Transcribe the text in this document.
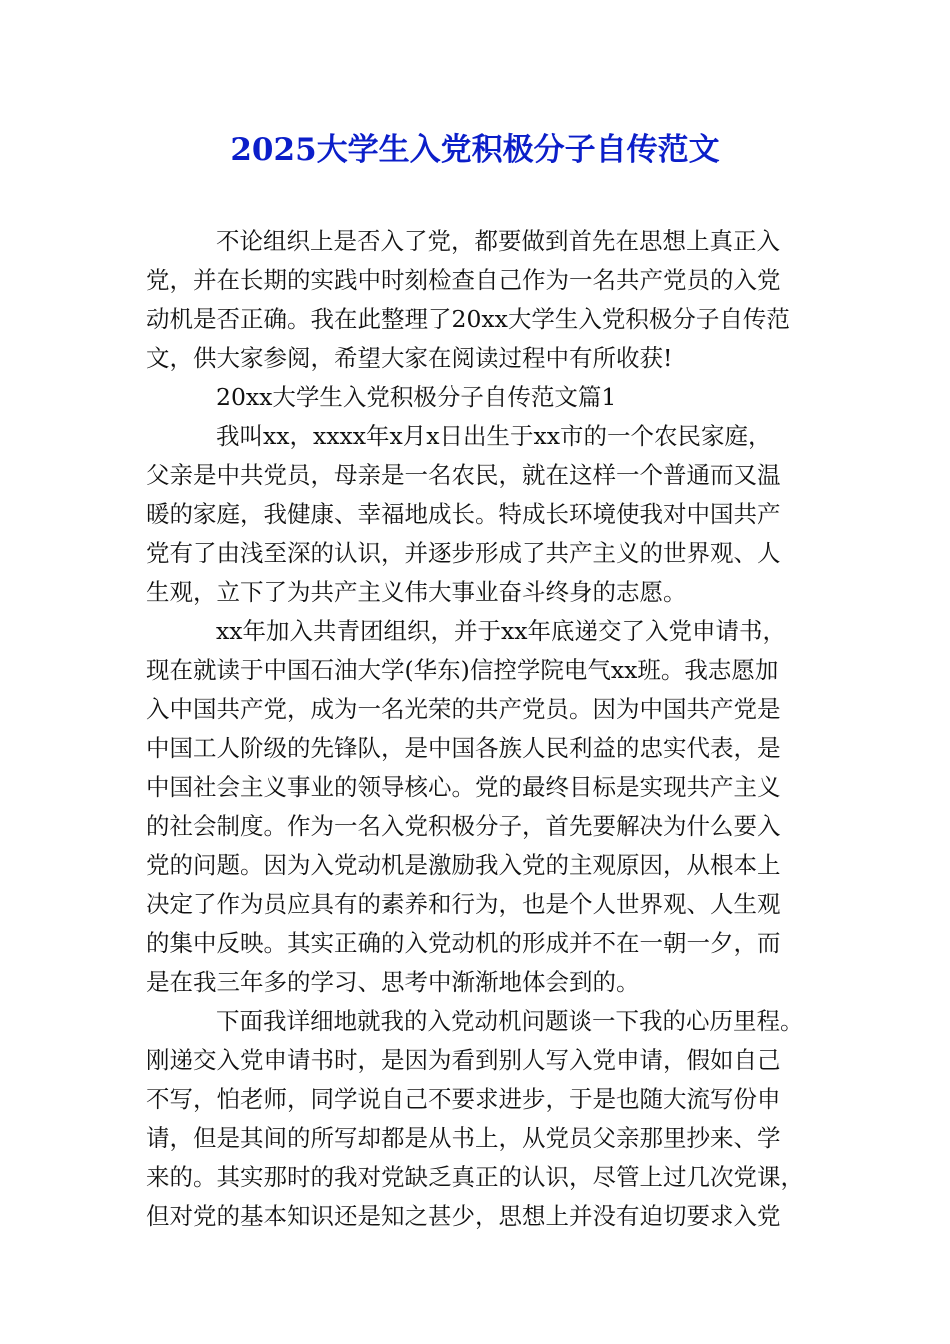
2025大学生入党积极分子自传范文
不论组织上是否入了党，都要做到首先在思想上真正入
党，并在长期的实践中时刻检查自己作为一名共产党员的入党
动机是否正确。我在此整理了20xx大学生入党积极分子自传范
文，供大家参阅，希望大家在阅读过程中有所收获!
20xx大学生入党积极分子自传范文篇1
我叫xx，xxxx年x月x日出生于xx市的一个农民家庭，
父亲是中共党员，母亲是一名农民，就在这样一个普通而又温
暖的家庭，我健康、幸福地成长。特成长环境使我对中国共产
党有了由浅至深的认识，并逐步形成了共产主义的世界观、人
生观，立下了为共产主义伟大事业奋斗终身的志愿。
xx年加入共青团组织，并于xx年底递交了入党申请书，
现在就读于中国石油大学(华东)信控学院电气xx班。我志愿加
入中国共产党，成为一名光荣的共产党员。因为中国共产党是
中国工人阶级的先锋队，是中国各族人民利益的忠实代表，是
中国社会主义事业的领导核心。党的最终目标是实现共产主义
的社会制度。作为一名入党积极分子，首先要解决为什么要入
党的问题。因为入党动机是激励我入党的主观原因，从根本上
决定了作为员应具有的素养和行为，也是个人世界观、人生观
的集中反映。其实正确的入党动机的形成并不在一朝一夕，而
是在我三年多的学习、思考中渐渐地体会到的。
下面我详细地就我的入党动机问题谈一下我的心历里程。
刚递交入党申请书时，是因为看到别人写入党申请，假如自己
不写，怕老师，同学说自己不要求进步，于是也随大流写份申
请，但是其间的所写却都是从书上，从党员父亲那里抄来、学
来的。其实那时的我对党缺乏真正的认识，尽管上过几次党课，
但对党的基本知识还是知之甚少，思想上并没有迫切要求入党
